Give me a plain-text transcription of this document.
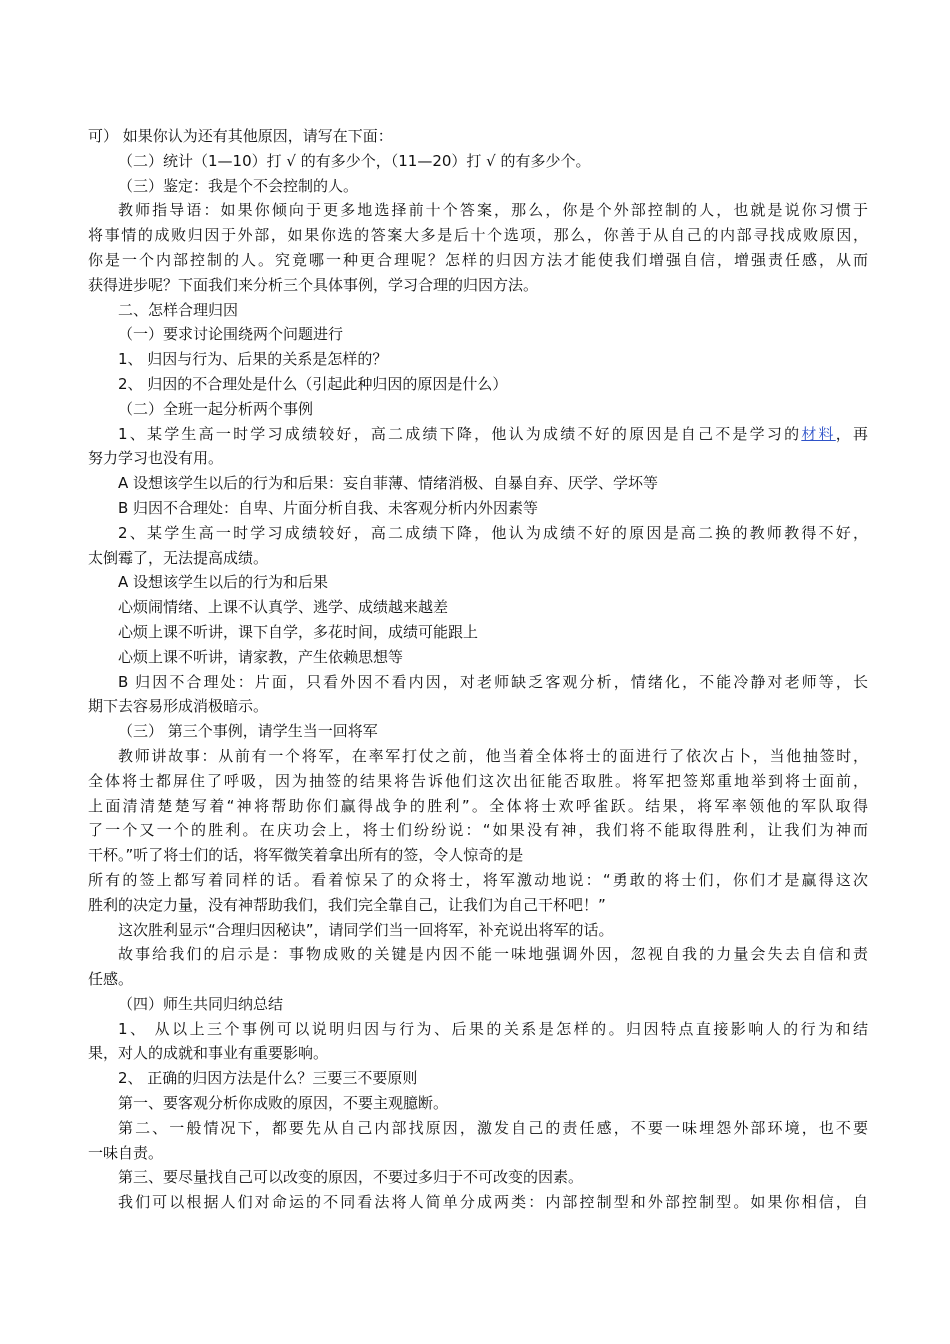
可） 如果你认为还有其他原因，请写在下面：

（二）统计（1—10）打 √ 的有多少个，（11—20）打 √ 的有多少个。

（三）鉴定：我是个不会控制的人。

教师指导语：如果你倾向于更多地选择前十个答案，那么，你是个外部控制的人，也就是说你习惯于

将事情的成败归因于外部，如果你选的答案大多是后十个选项，那么，你善于从自己的内部寻找成败原因，

你是一个内部控制的人。究竟哪一种更合理呢？怎样的归因方法才能使我们增强自信，增强责任感，从而

获得进步呢？下面我们来分析三个具体事例，学习合理的归因方法。

二、怎样合理归因

（一）要求讨论围绕两个问题进行

1、 归因与行为、后果的关系是怎样的？

2、 归因的不合理处是什么（引起此种归因的原因是什么）

（二）全班一起分析两个事例

1、某学生高一时学习成绩较好，高二成绩下降，他认为成绩不好的原因是自己不是学习的材料，再

努力学习也没有用。

A 设想该学生以后的行为和后果：妄自菲薄、情绪消极、自暴自弃、厌学、学坏等

B 归因不合理处：自卑、片面分析自我、未客观分析内外因素等

2、某学生高一时学习成绩较好，高二成绩下降，他认为成绩不好的原因是高二换的教师教得不好，

太倒霉了，无法提高成绩。

A 设想该学生以后的行为和后果

心烦闹情绪、上课不认真学、逃学、成绩越来越差

心烦上课不听讲，课下自学，多花时间，成绩可能跟上

心烦上课不听讲，请家教，产生依赖思想等

B 归因不合理处：片面，只看外因不看内因，对老师缺乏客观分析，情绪化，不能冷静对老师等，长

期下去容易形成消极暗示。

（三） 第三个事例，请学生当一回将军

教师讲故事：从前有一个将军，在率军打仗之前，他当着全体将士的面进行了依次占卜，当他抽签时，

全体将士都屏住了呼吸，因为抽签的结果将告诉他们这次出征能否取胜。将军把签郑重地举到将士面前，

上面清清楚楚写着“神将帮助你们赢得战争的胜利”。全体将士欢呼雀跃。结果，将军率领他的军队取得

了一个又一个的胜利。在庆功会上，将士们纷纷说：“如果没有神，我们将不能取得胜利，让我们为神而

干杯。”听了将士们的话，将军微笑着拿出所有的签，令人惊奇的是

所有的签上都写着同样的话。看着惊呆了的众将士，将军激动地说：“勇敢的将士们，你们才是赢得这次

胜利的决定力量，没有神帮助我们，我们完全靠自己，让我们为自己干杯吧！”

这次胜利显示“合理归因秘诀”，请同学们当一回将军，补充说出将军的话。

故事给我们的启示是：事物成败的关键是内因不能一味地强调外因，忽视自我的力量会失去自信和责

任感。

（四）师生共同归纳总结

1、 从以上三个事例可以说明归因与行为、后果的关系是怎样的。归因特点直接影响人的行为和结

果，对人的成就和事业有重要影响。

2、 正确的归因方法是什么？三要三不要原则

第一、要客观分析你成败的原因，不要主观臆断。

第二、一般情况下，都要先从自己内部找原因，激发自己的责任感，不要一味埋怨外部环境，也不要

一味自责。

第三、要尽量找自己可以改变的原因，不要过多归于不可改变的因素。

我们可以根据人们对命运的不同看法将人简单分成两类：内部控制型和外部控制型。如果你相信，自
